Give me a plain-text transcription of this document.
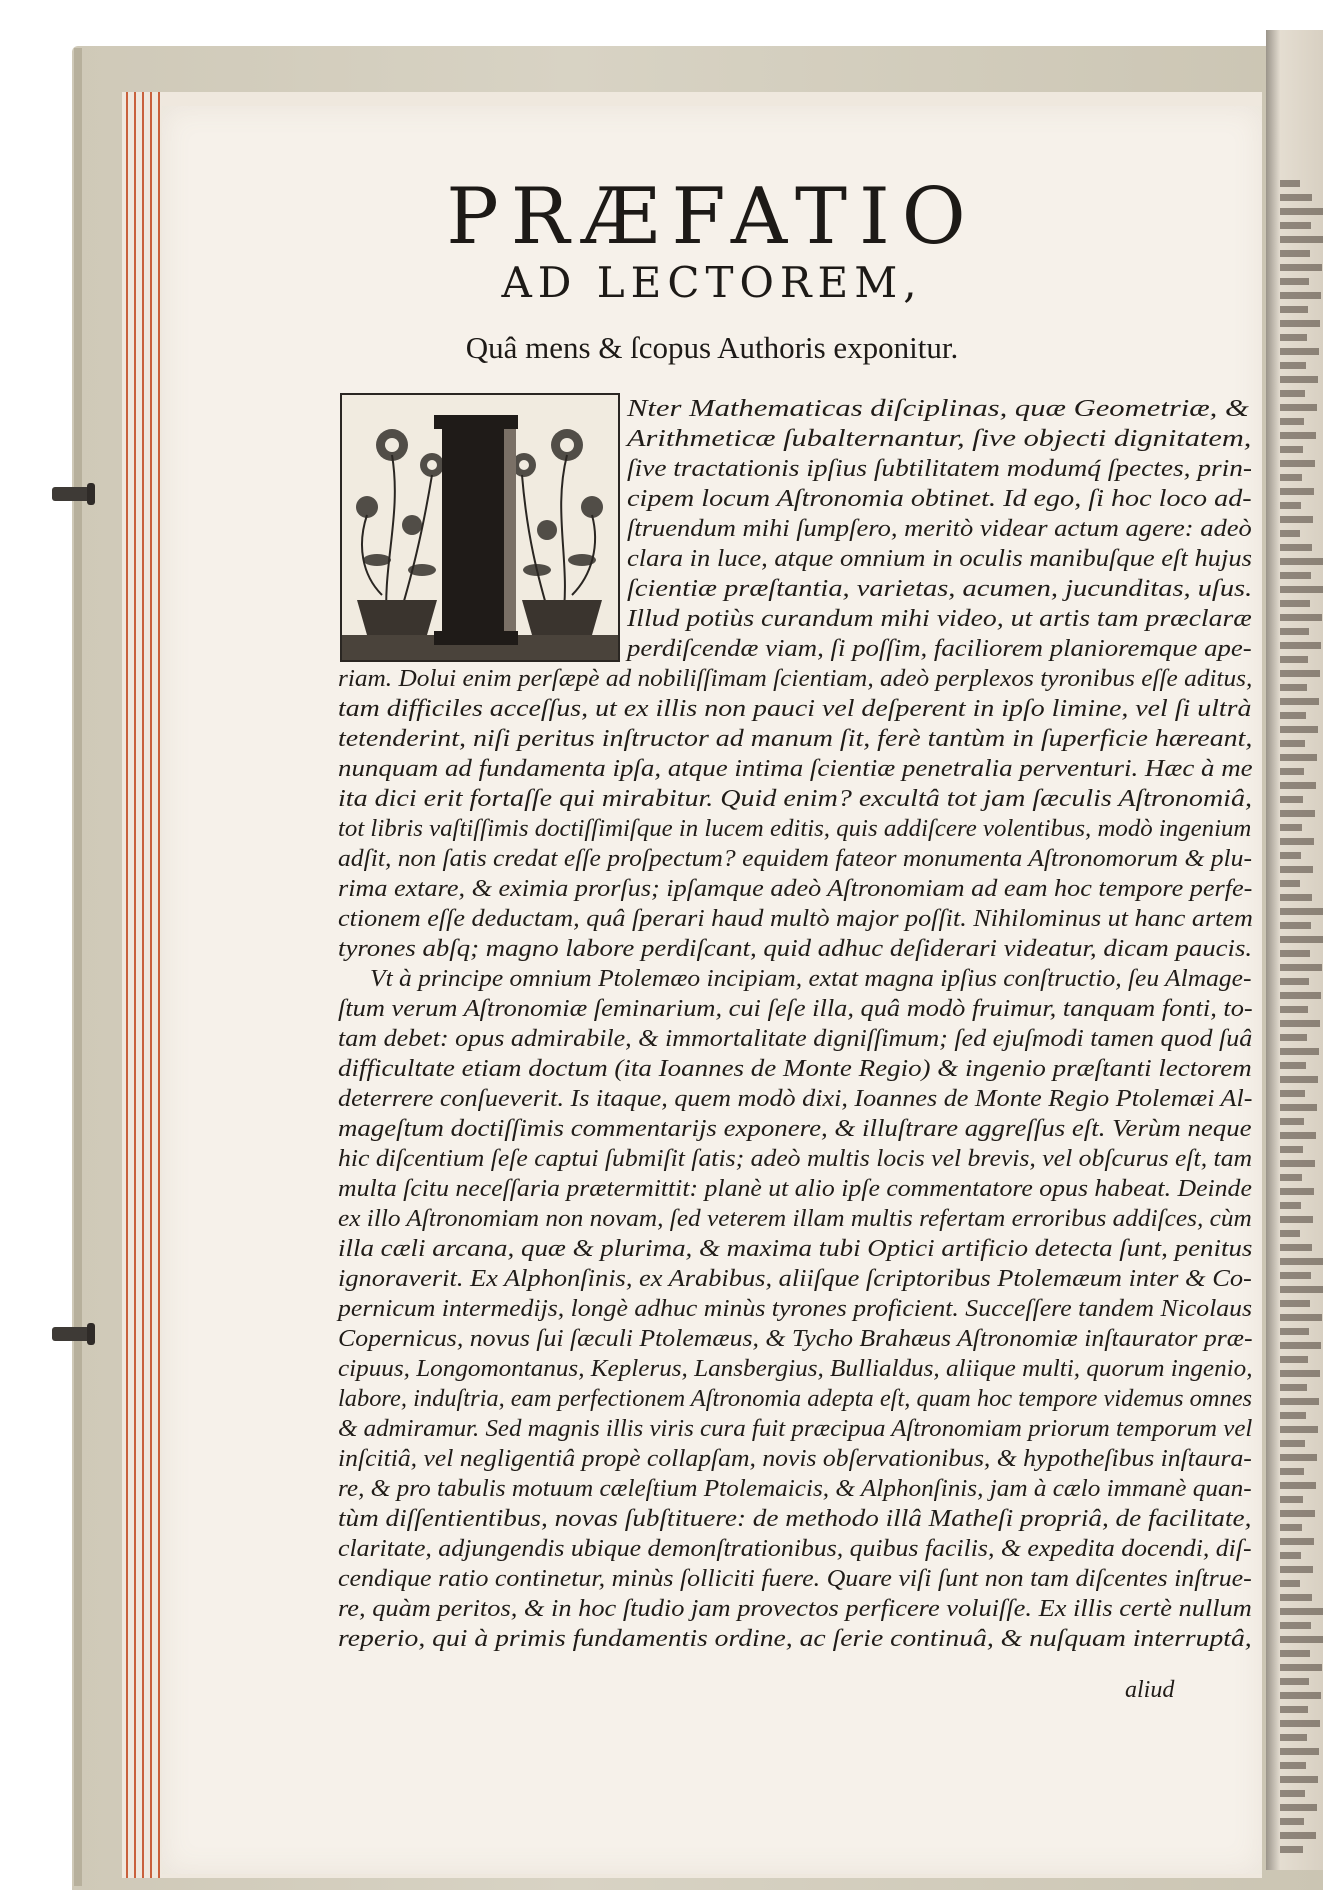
PRÆFATIO
AD LECTOREM,

Quâ mens & ſcopus Authoris exponitur.

Nter Mathematicas diſciplinas, quæ Geometriæ, &

Arithmeticæ ſubalternantur, ſive objecti dignitatem,

ſive tractationis ipſius ſubtilitatem modumq́ ſpectes, prin-

cipem locum Aſtronomia obtinet. Id ego, ſi hoc loco ad-

ſtruendum mihi ſumpſero, meritò videar actum agere: adeò

clara in luce, atque omnium in oculis manibuſque eſt hujus

ſcientiæ præſtantia, varietas, acumen, jucunditas, uſus.

Illud potiùs curandum mihi video, ut artis tam præclaræ

perdiſcendæ viam, ſi poſſim, faciliorem planioremque ape-

riam. Dolui enim perſæpè ad nobiliſſimam ſcientiam, adeò perplexos tyronibus eſſe aditus,

tam difficiles acceſſus, ut ex illis non pauci vel deſperent in ipſo limine, vel ſi ultrà

tetenderint, niſi peritus inſtructor ad manum ſit, ferè tantùm in ſuperficie hæreant,

nunquam ad fundamenta ipſa, atque intima ſcientiæ penetralia perventuri. Hæc à me

ita dici erit fortaſſe qui mirabitur. Quid enim? excultâ tot jam ſæculis Aſtronomiâ,

tot libris vaſtiſſimis doctiſſimiſque in lucem editis, quis addiſcere volentibus, modò ingenium

adſit, non ſatis credat eſſe proſpectum? equidem fateor monumenta Aſtronomorum & plu-

rima extare, & eximia prorſus; ipſamque adeò Aſtronomiam ad eam hoc tempore perfe-

ctionem eſſe deductam, quâ ſperari haud multò major poſſit. Nihilominus ut hanc artem

tyrones abſq; magno labore perdiſcant, quid adhuc deſiderari videatur, dicam paucis.

Vt à principe omnium Ptolemæo incipiam, extat magna ipſius conſtructio, ſeu Almage-

ſtum verum Aſtronomiæ ſeminarium, cui ſeſe illa, quâ modò fruimur, tanquam fonti, to-

tam debet: opus admirabile, & immortalitate digniſſimum; ſed ejuſmodi tamen quod ſuâ

difficultate etiam doctum (ita Ioannes de Monte Regio) & ingenio præſtanti lectorem

deterrere conſueverit. Is itaque, quem modò dixi, Ioannes de Monte Regio Ptolemæi Al-

mageſtum doctiſſimis commentarijs exponere, & illuſtrare aggreſſus eſt. Verùm neque

hic diſcentium ſeſe captui ſubmiſit ſatis; adeò multis locis vel brevis, vel obſcurus eſt, tam

multa ſcitu neceſſaria prætermittit: planè ut alio ipſe commentatore opus habeat. Deinde

ex illo Aſtronomiam non novam, ſed veterem illam multis refertam erroribus addiſces, cùm

illa cæli arcana, quæ & plurima, & maxima tubi Optici artificio detecta ſunt, penitus

ignoraverit. Ex Alphonſinis, ex Arabibus, aliiſque ſcriptoribus Ptolemæum inter & Co-

pernicum intermedijs, longè adhuc minùs tyrones proficient. Succeſſere tandem Nicolaus

Copernicus, novus ſui ſæculi Ptolemæus, & Tycho Brahæus Aſtronomiæ inſtaurator præ-

cipuus, Longomontanus, Keplerus, Lansbergius, Bullialdus, aliique multi, quorum ingenio,

labore, induſtria, eam perfectionem Aſtronomia adepta eſt, quam hoc tempore videmus omnes

& admiramur. Sed magnis illis viris cura fuit præcipua Aſtronomiam priorum temporum vel

inſcitiâ, vel negligentiâ propè collapſam, novis obſervationibus, & hypotheſibus inſtaura-

re, & pro tabulis motuum cæleſtium Ptolemaicis, & Alphonſinis, jam à cælo immanè quan-

tùm diſſentientibus, novas ſubſtituere: de methodo illâ Matheſi propriâ, de facilitate,

claritate, adjungendis ubique demonſtrationibus, quibus facilis, & expedita docendi, diſ-

cendique ratio continetur, minùs ſolliciti fuere. Quare viſi ſunt non tam diſcentes inſtrue-

re, quàm peritos, & in hoc ſtudio jam provectos perficere voluiſſe. Ex illis certè nullum

reperio, qui à primis fundamentis ordine, ac ſerie continuâ, & nuſquam interruptâ,

aliud
